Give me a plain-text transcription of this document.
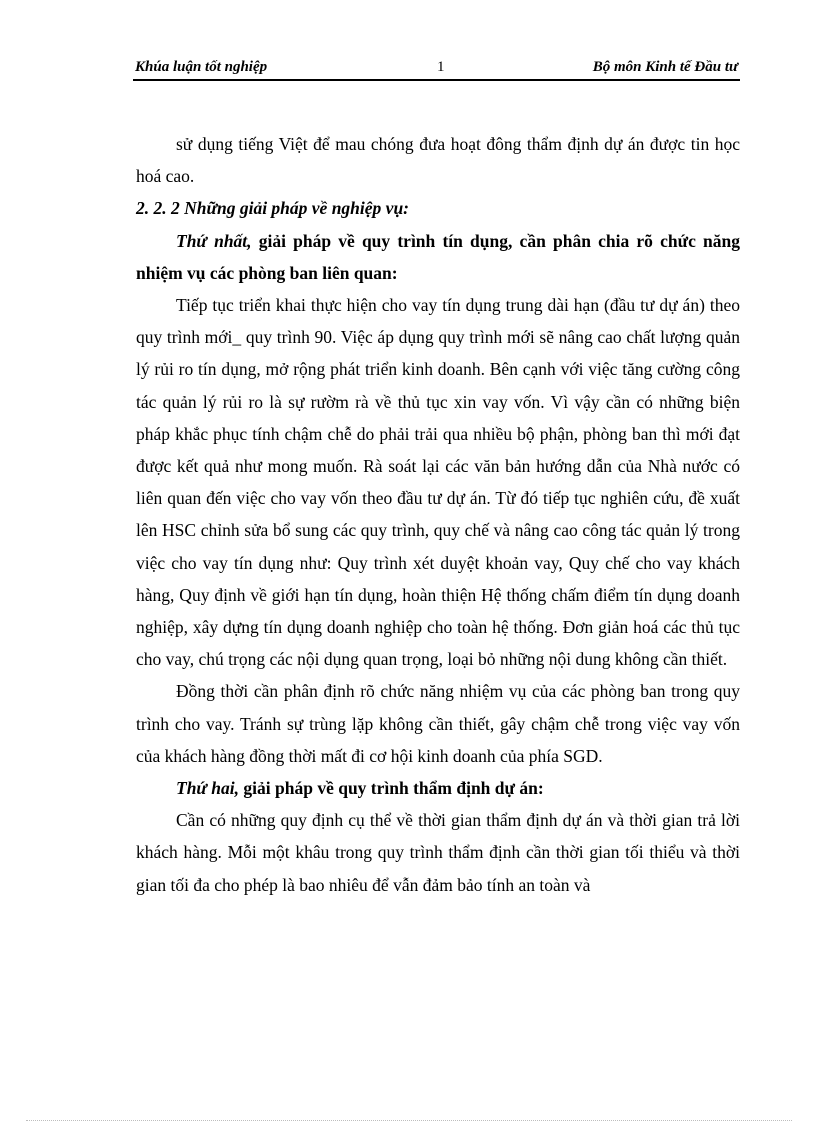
Khúa luận tốt nghiệp	1	Bộ môn Kinh tế Đầu tư

sử dụng tiếng Việt để mau chóng đưa hoạt đông thẩm định dự án được tin học hoá cao.

2. 2. 2 Những giải pháp về nghiệp vụ:

Thứ nhất, giải pháp về quy trình tín dụng, cần phân chia rõ chức năng nhiệm vụ các phòng ban liên quan:

Tiếp tục triển khai thực hiện cho vay tín dụng trung dài hạn (đầu tư dự án) theo quy trình mới_ quy trình 90. Việc áp dụng quy trình mới sẽ nâng cao chất lượng quản lý rủi ro tín dụng, mở rộng phát triển kinh doanh. Bên cạnh với việc tăng cường công tác quản lý rủi ro là sự rườm rà về thủ tục xin vay vốn. Vì vậy cần có những biện pháp khắc phục tính chậm chễ do phải trải qua nhiều bộ phận, phòng ban thì mới đạt được kết quả như mong muốn. Rà soát lại các văn bản hướng dẫn của Nhà nước có liên quan đến việc cho vay vốn theo đầu tư dự án. Từ đó tiếp tục nghiên cứu, đề xuất lên HSC chỉnh sửa bổ sung các quy trình, quy chế và nâng cao công tác quản lý trong việc cho vay tín dụng như: Quy trình xét duyệt khoản vay, Quy chế cho vay khách hàng, Quy định về giới hạn tín dụng, hoàn thiện Hệ thống chấm điểm tín dụng doanh nghiệp, xây dựng tín dụng doanh nghiệp cho toàn hệ thống. Đơn giản hoá các thủ tục cho vay, chú trọng các nội dụng quan trọng, loại bỏ những nội dung không cần thiết.

Đồng thời cần phân định rõ chức năng nhiệm vụ của các phòng ban trong quy trình cho vay. Tránh sự trùng lặp không cần thiết, gây chậm chễ trong việc vay vốn của khách hàng đồng thời mất đi cơ hội kinh doanh của phía SGD.

Thứ hai, giải pháp về quy trình thẩm định dự án:

Cần có những quy định cụ thể về thời gian thẩm định dự án và thời gian trả lời khách hàng. Mỗi một khâu trong quy trình thẩm định cần thời gian tối thiểu và thời gian tối đa cho phép là bao nhiêu để vẫn đảm bảo tính an toàn và
